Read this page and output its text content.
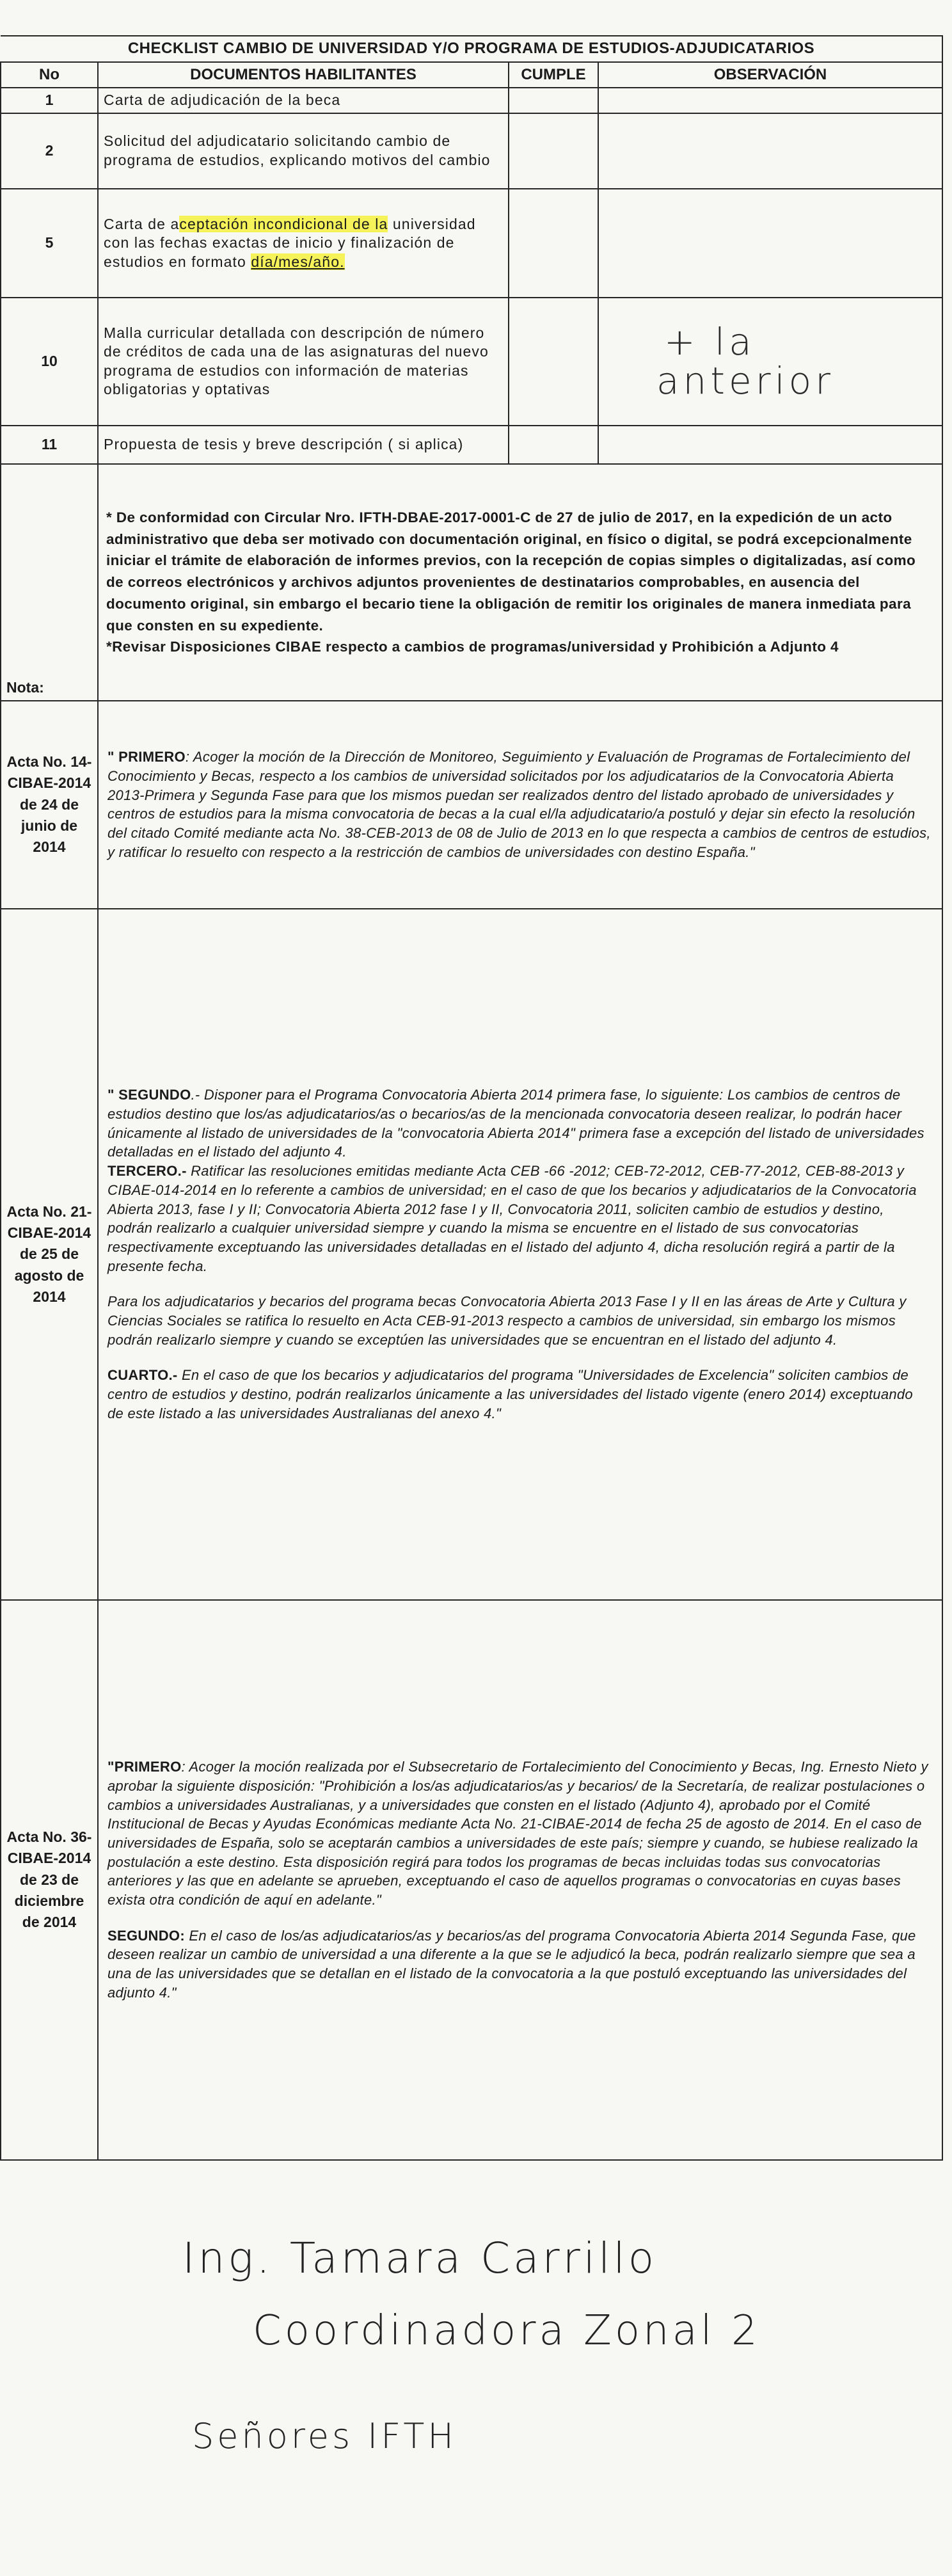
CHECKLIST CAMBIO DE UNIVERSIDAD Y/O PROGRAMA DE ESTUDIOS-ADJUDICATARIOS			
No	DOCUMENTOS HABILITANTES	CUMPLE	OBSERVACIÓN
1	Carta de adjudicación de la beca		
2	Solicitud del adjudicatario solicitando cambio de programa de estudios, explicando motivos del cambio		
5	Carta de aceptación incondicional de la universidad con las fechas exactas de inicio y finalización de estudios en formato día/mes/año.		
10	Malla curricular detallada con descripción de número de créditos de cada una de las asignaturas del nuevo programa de estudios con información de materias obligatorias y optativas		+ la
anterior

11	Propuesta de tesis y breve descripción ( si aplica)		
Nota:	* De conformidad con Circular Nro. IFTH-DBAE-2017-0001-C de 27 de julio de 2017, en la expedición de un acto administrativo que deba ser motivado con documentación original, en físico o digital, se podrá excepcionalmente iniciar el trámite de elaboración de informes previos, con la recepción de copias simples o digitalizadas, así como de correos electrónicos y archivos adjuntos provenientes de destinatarios comprobables, en ausencia del documento original, sin embargo el becario tiene la obligación de remitir los originales de manera inmediata para que consten en su expediente.
*Revisar Disposiciones CIBAE respecto a cambios de programas/universidad y Prohibición a Adjunto 4		

Acta No. 14-CIBAE-2014 de 24 de junio de 2014	" PRIMERO: Acoger la moción de la Dirección de Monitoreo, Seguimiento y Evaluación de Programas de Fortalecimiento del Conocimiento y Becas, respecto a los cambios de universidad solicitados por los adjudicatarios de la Convocatoria Abierta 2013-Primera y Segunda Fase para que los mismos puedan ser realizados dentro del listado aprobado de universidades y centros de estudios para la misma convocatoria de becas a la cual el/la adjudicatario/a postuló y dejar sin efecto la resolución del citado Comité mediante acta No. 38-CEB-2013 de 08 de Julio de 2013 en lo que respecta a cambios de centros de estudios, y ratificar lo resuelto con respecto a la restricción de cambios de universidades con destino España."		

Acta No. 21-CIBAE-2014 de 25 de agosto de 2014	" SEGUNDO.- Disponer para el Programa Convocatoria Abierta 2014 primera fase, lo siguiente: Los cambios de centros de estudios destino que los/as adjudicatarios/as o becarios/as de la mencionada convocatoria deseen realizar, lo podrán hacer únicamente al listado de universidades de la "convocatoria Abierta 2014" primera fase a excepción del listado de universidades detalladas en el listado del adjunto 4.
TERCERO.- Ratificar las resoluciones emitidas mediante Acta CEB -66 -2012; CEB-72-2012, CEB-77-2012, CEB-88-2013 y CIBAE-014-2014 en lo referente a cambios de universidad; en el caso de que los becarios y adjudicatarios de la Convocatoria Abierta 2013, fase I y II; Convocatoria Abierta 2012 fase I y II, Convocatoria 2011, soliciten cambio de estudios y destino, podrán realizarlo a cualquier universidad siempre y cuando la misma se encuentre en el listado de sus convocatorias respectivamente exceptuando las universidades detalladas en el listado del adjunto 4, dicha resolución regirá a partir de la presente fecha.

Para los adjudicatarios y becarios del programa becas Convocatoria Abierta 2013 Fase I y II en las áreas de Arte y Cultura y Ciencias Sociales se ratifica lo resuelto en Acta CEB-91-2013 respecto a cambios de universidad, sin embargo los mismos podrán realizarlo siempre y cuando se exceptúen las universidades que se encuentran en el listado del adjunto 4.

CUARTO.- En el caso de que los becarios y adjudicatarios del programa "Universidades de Excelencia" soliciten cambios de centro de estudios y destino, podrán realizarlos únicamente a las universidades del listado vigente (enero 2014) exceptuando de este listado a las universidades Australianas del anexo 4."		

Acta No. 36-CIBAE-2014 de 23 de diciembre de 2014	"PRIMERO: Acoger la moción realizada por el Subsecretario de Fortalecimiento del Conocimiento y Becas, Ing. Ernesto Nieto y aprobar la siguiente disposición: "Prohibición a los/as adjudicatarios/as y becarios/ de la Secretaría, de realizar postulaciones o cambios a universidades Australianas, y a universidades que consten en el listado (Adjunto 4), aprobado por el Comité Institucional de Becas y Ayudas Económicas mediante Acta No. 21-CIBAE-2014 de fecha 25 de agosto de 2014. En el caso de universidades de España, solo se aceptarán cambios a universidades de este país; siempre y cuando, se hubiese realizado la postulación a este destino. Esta disposición regirá para todos los programas de becas incluidas todas sus convocatorias anteriores y las que en adelante se aprueben, exceptuando el caso de aquellos programas o convocatorias en cuyas bases exista otra condición de aquí en adelante."

SEGUNDO: En el caso de los/as adjudicatarios/as y becarios/as del programa Convocatoria Abierta 2014 Segunda Fase, que deseen realizar un cambio de universidad a una diferente a la que se le adjudicó la beca, podrán realizarlo siempre que sea a una de las universidades que se detallan en el listado de la convocatoria a la que postuló exceptuando las universidades del adjunto 4."		

Ing. Tamara Carrillo
Coordinadora Zonal 2
Señores IFTH
